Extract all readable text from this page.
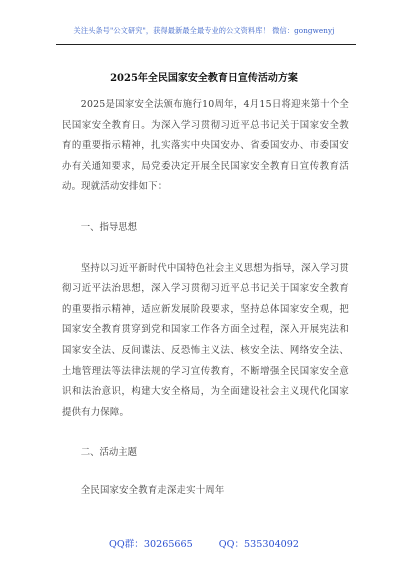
关注头条号"公文研究"，获得最新最全最专业的公文资料库！ 微信：gongwenyj
2025年全民国家安全教育日宣传活动方案

2025是国家安全法颁布施行10周年，4月15日将迎来第十个全民国家安全教育日。为深入学习贯彻习近平总书记关于国家安全教育的重要指示精神，扎实落实中央国安办、省委国安办、市委国安办有关通知要求，局党委决定开展全民国家安全教育日宣传教育活动。现就活动安排如下：

一、指导思想

坚持以习近平新时代中国特色社会主义思想为指导，深入学习贯彻习近平法治思想，深入学习贯彻习近平总书记关于国家安全教育的重要指示精神，适应新发展阶段要求，坚持总体国家安全观，把国家安全教育贯穿到党和国家工作各方面全过程，深入开展宪法和国家安全法、反间谍法、反恐怖主义法、核安全法、网络安全法、土地管理法等法律法规的学习宣传教育，不断增强全民国家安全意识和法治意识，构建大安全格局，为全面建设社会主义现代化国家提供有力保障。

二、活动主题

全民国家安全教育走深走实十周年

QQ群：30265665	QQ：535304092
